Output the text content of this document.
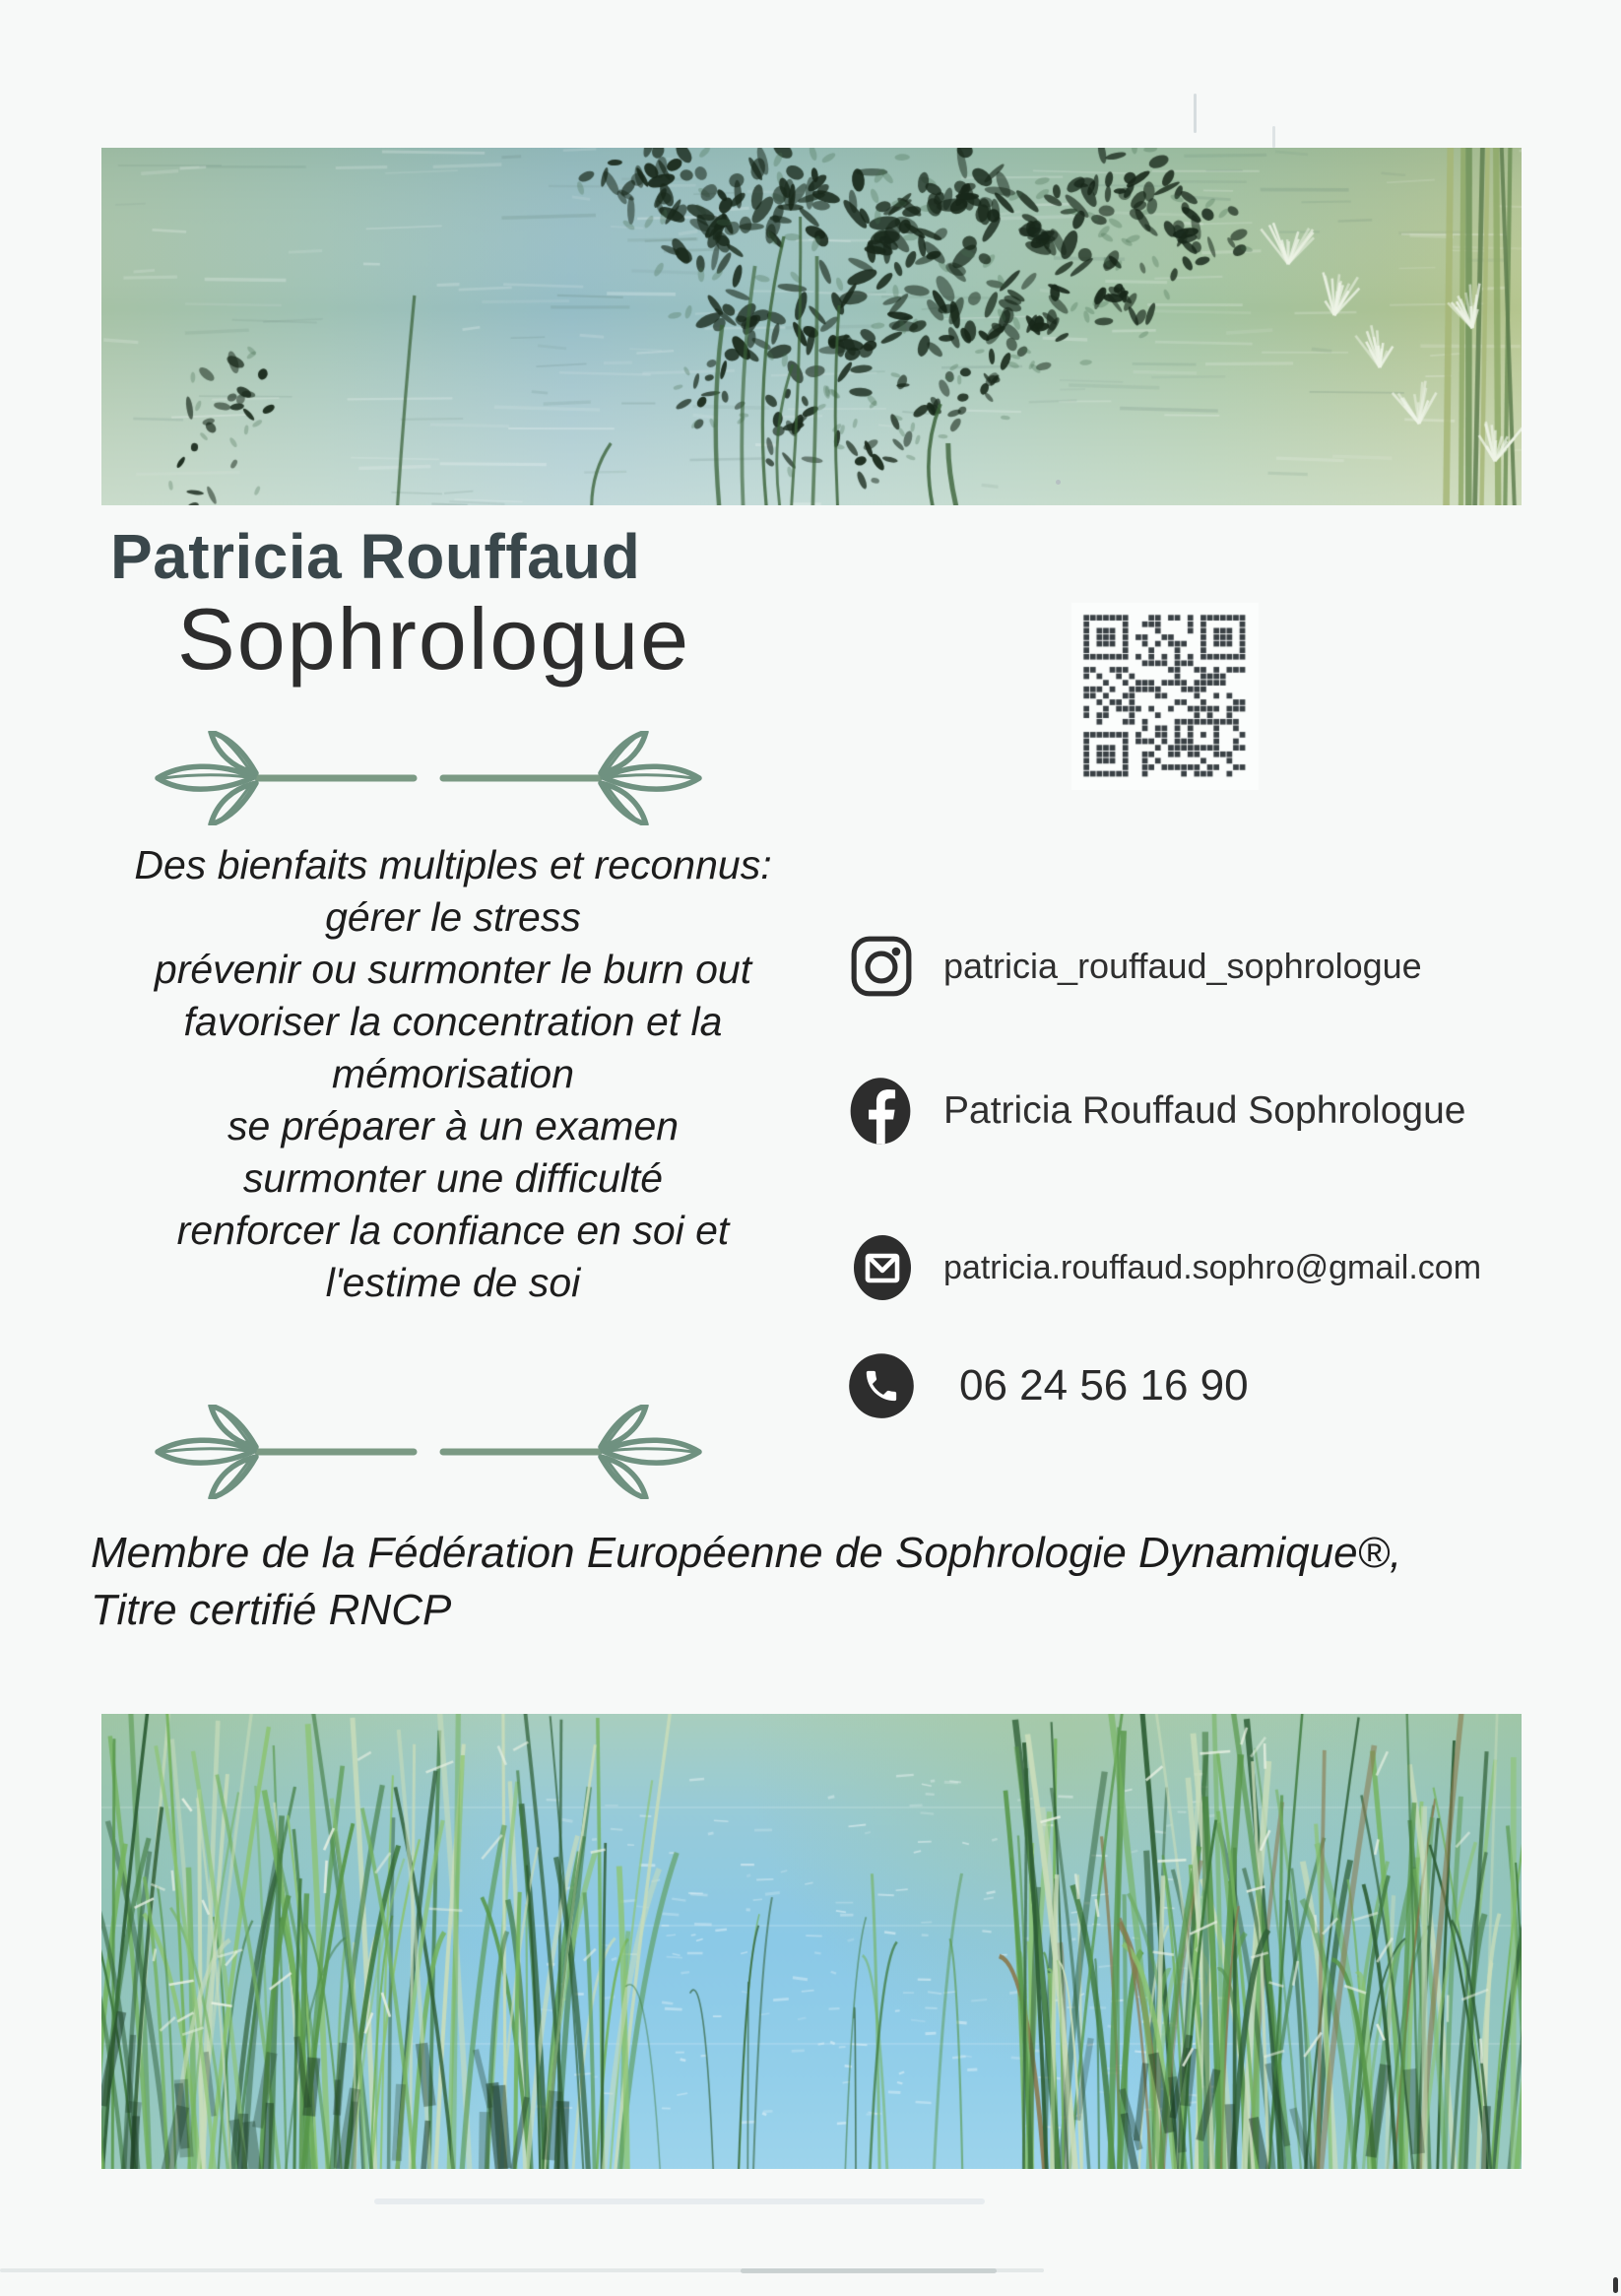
Patricia Rouffaud
Sophrologue
Des bienfaits multiples et reconnus:
gérer le stress
prévenir ou surmonter le burn out
favoriser la concentration et la
mémorisation
se préparer à un examen
surmonter une difficulté
renforcer la confiance en soi et
l'estime de soi
patricia_rouffaud_sophrologue
Patricia Rouffaud Sophrologue
patricia.rouffaud.sophro@gmail.com
06 24 56 16 90
Membre de la Fédération Européenne de Sophrologie Dynamique®,
Titre certifié RNCP
